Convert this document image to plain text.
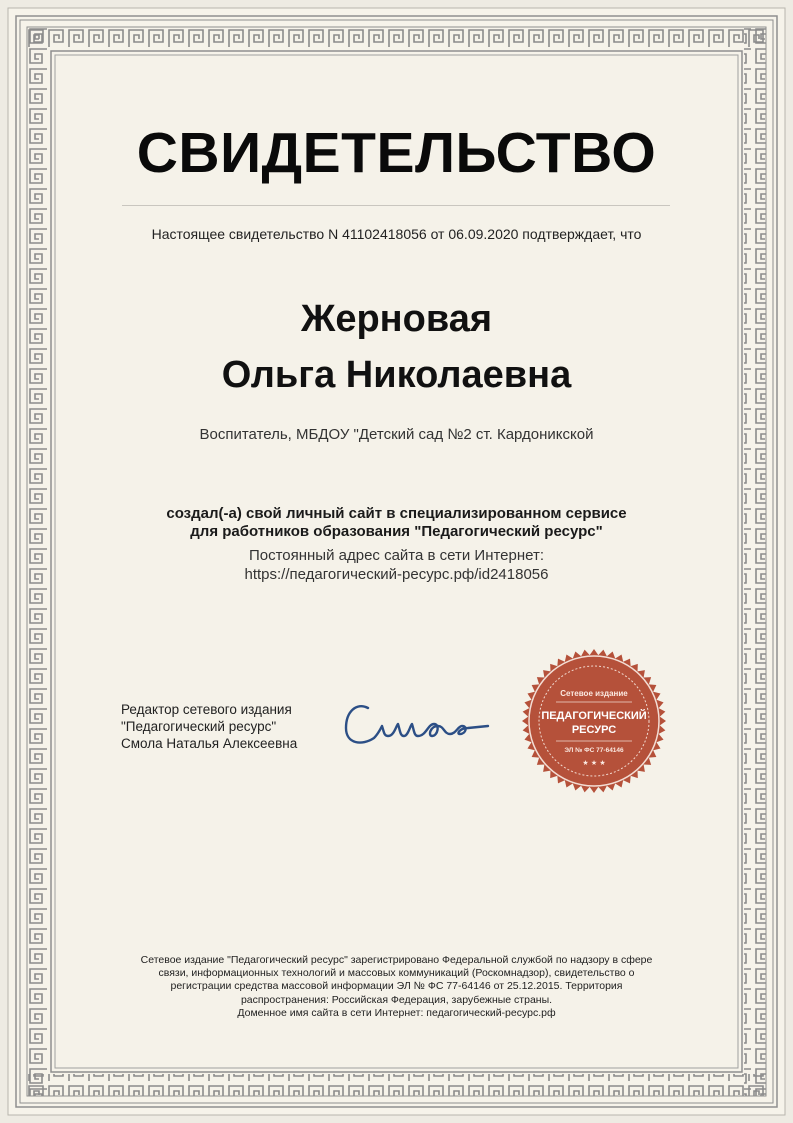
СВИДЕТЕЛЬСТВО
Настоящее свидетельство N 41102418056 от 06.09.2020 подтверждает, что
Жерновая
Ольга Николаевна
Воспитатель, МБДОУ "Детский сад №2 ст. Кардоникской
создал(-а) свой личный сайт в специализированном сервисе
для работников образования "Педагогический ресурс"
Постоянный адрес сайта в сети Интернет:
https://педагогический-ресурс.рф/id2418056
Редактор сетевого издания
"Педагогический ресурс"
Смола Наталья Алексеевна
Сетевое издание
ПЕДАГОГИЧЕСКИЙ
РЕСУРС
ЭЛ № ФС 77-64146
★ ★ ★
Сетевое издание "Педагогический ресурс" зарегистрировано Федеральной службой по надзору в сфере
связи, информационных технологий и массовых коммуникаций (Роскомнадзор), свидетельство о
регистрации средства массовой информации ЭЛ № ФС 77-64146 от 25.12.2015. Территория
распространения: Российская Федерация, зарубежные страны.
Доменное имя сайта в сети Интернет: педагогический-ресурс.рф
